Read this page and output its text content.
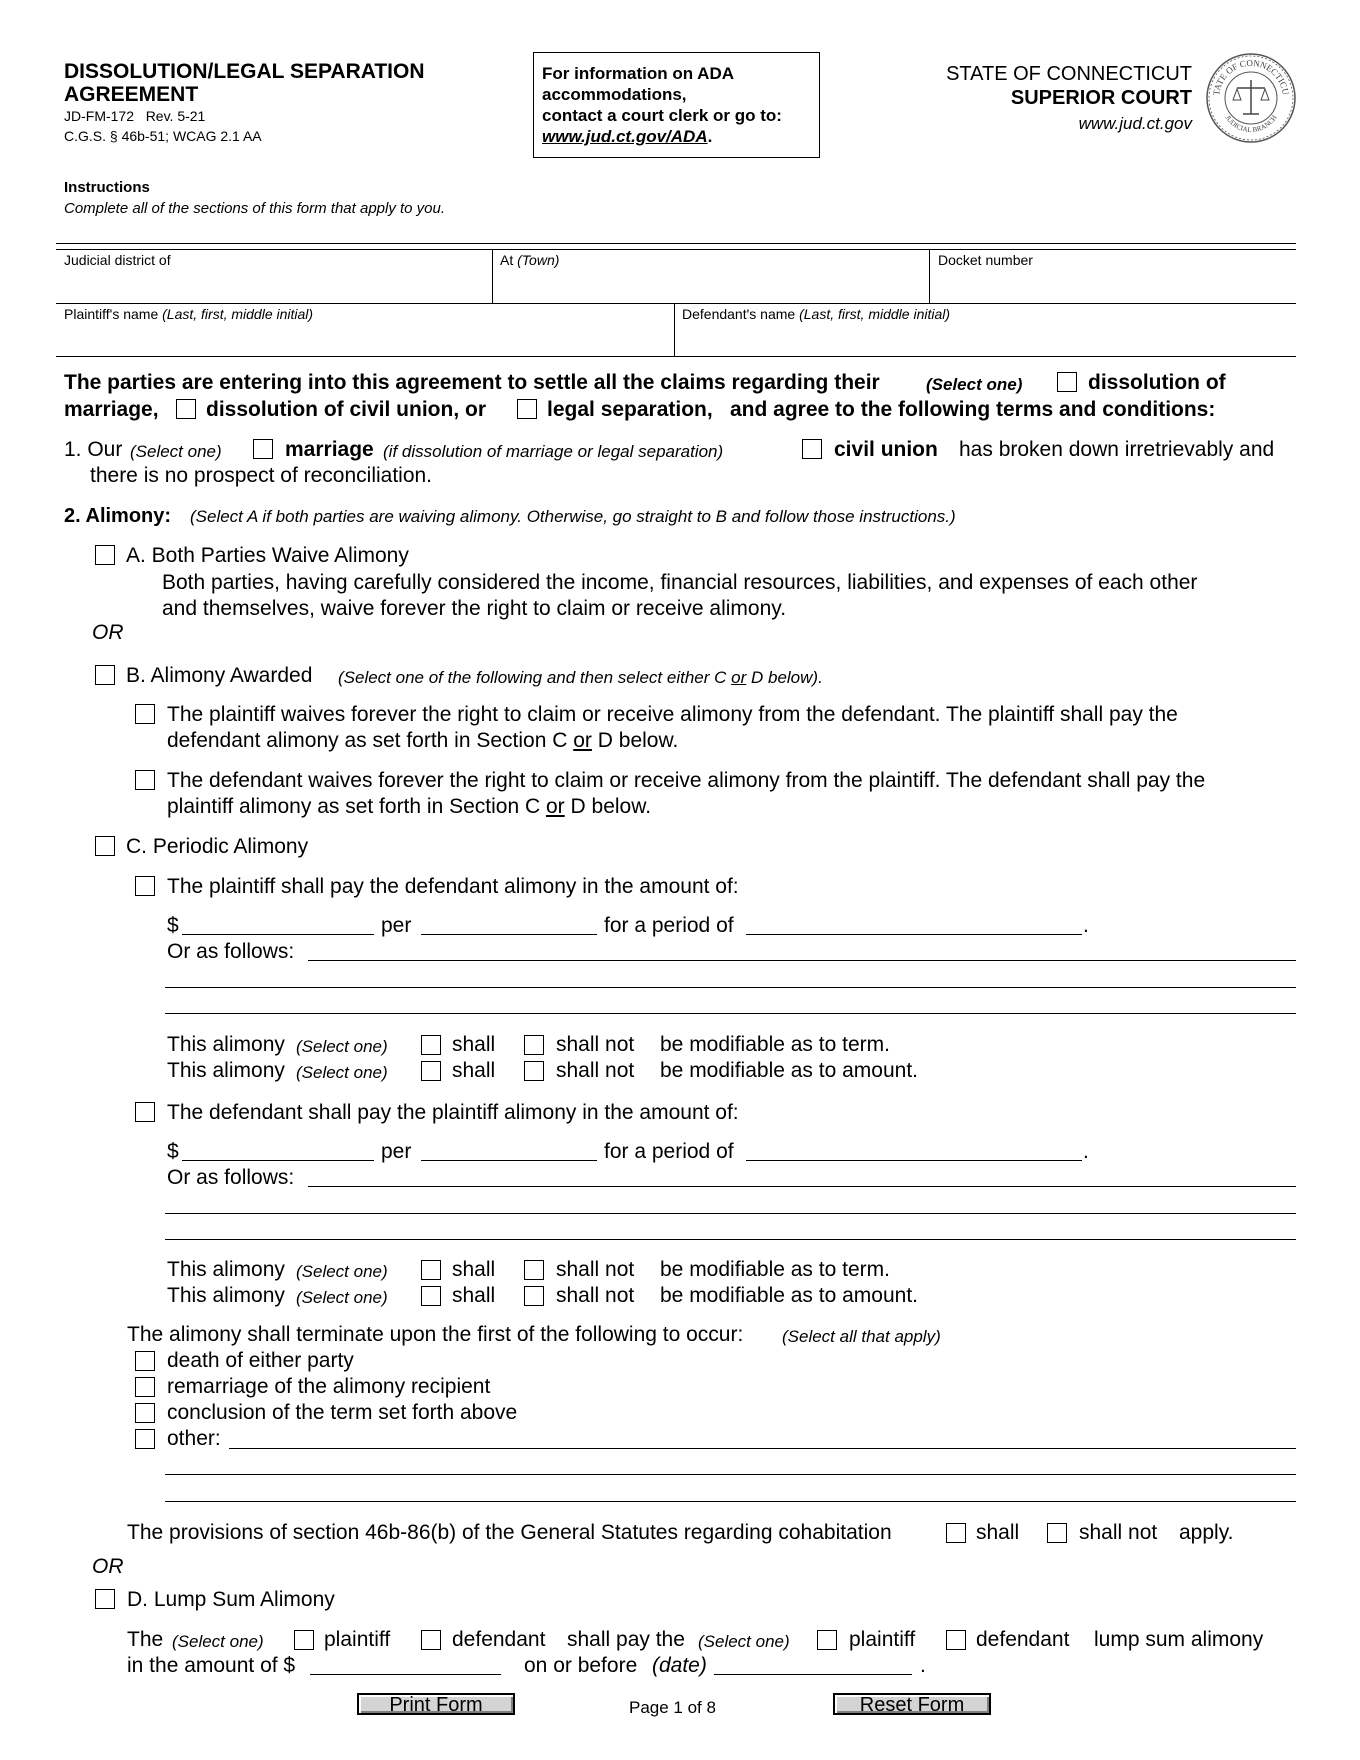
DISSOLUTION/LEGAL SEPARATION
AGREEMENT
JD-FM-172 Rev. 5-21
C.G.S. § 46b-51; WCAG 2.1 AA
For information on ADA
accommodations,
contact a court clerk or go to:
www.jud.ct.gov/ADA.
STATE OF CONNECTICUT
SUPERIOR COURT
www.jud.ct.gov
TATE OF CONNECTICU
JUDICIAL BRANCH
Instructions
Complete all of the sections of this form that apply to you.
Judicial district of	At (Town)	Docket number
Plaintiff's name (Last, first, middle initial)	Defendant's name (Last, first, middle initial)
The parties are entering into this agreement to settle all the claims regarding their	(Select one)	dissolution of
marriage, dissolution of civil union, or	legal separation, and agree to the following terms and conditions:
1. Our (Select one)	marriage (if dissolution of marriage or legal separation)	civil union has broken down irretrievably and
there is no prospect of reconciliation.
2. Alimony: (Select A if both parties are waiving alimony. Otherwise, go straight to B and follow those instructions.)
A. Both Parties Waive Alimony
Both parties, having carefully considered the income, financial resources, liabilities, and expenses of each other
and themselves, waive forever the right to claim or receive alimony.
OR
B. Alimony Awarded (Select one of the following and then select either C or D below).
The plaintiff waives forever the right to claim or receive alimony from the defendant. The plaintiff shall pay the
defendant alimony as set forth in Section C or D below.
The defendant waives forever the right to claim or receive alimony from the plaintiff. The defendant shall pay the
plaintiff alimony as set forth in Section C or D below.
C. Periodic Alimony
The plaintiff shall pay the defendant alimony in the amount of:
$	per	for a period of	.
Or as follows:
This alimony (Select one)	shall	shall not be modifiable as to term.
This alimony (Select one)	shall	shall not be modifiable as to amount.
The defendant shall pay the plaintiff alimony in the amount of:
$	per	for a period of	.
Or as follows:
This alimony (Select one)	shall	shall not be modifiable as to term.
This alimony (Select one)	shall	shall not be modifiable as to amount.
The alimony shall terminate upon the first of the following to occur: (Select all that apply)
death of either party
remarriage of the alimony recipient
conclusion of the term set forth above
other:
The provisions of section 46b-86(b) of the General Statutes regarding cohabitation	shall	shall not apply.
OR
D. Lump Sum Alimony
The (Select one)	plaintiff	defendant shall pay the (Select one)	plaintiff	defendant lump sum alimony
in the amount of $	on or before (date)	.
Print Form	Page 1 of 8	Reset Form
